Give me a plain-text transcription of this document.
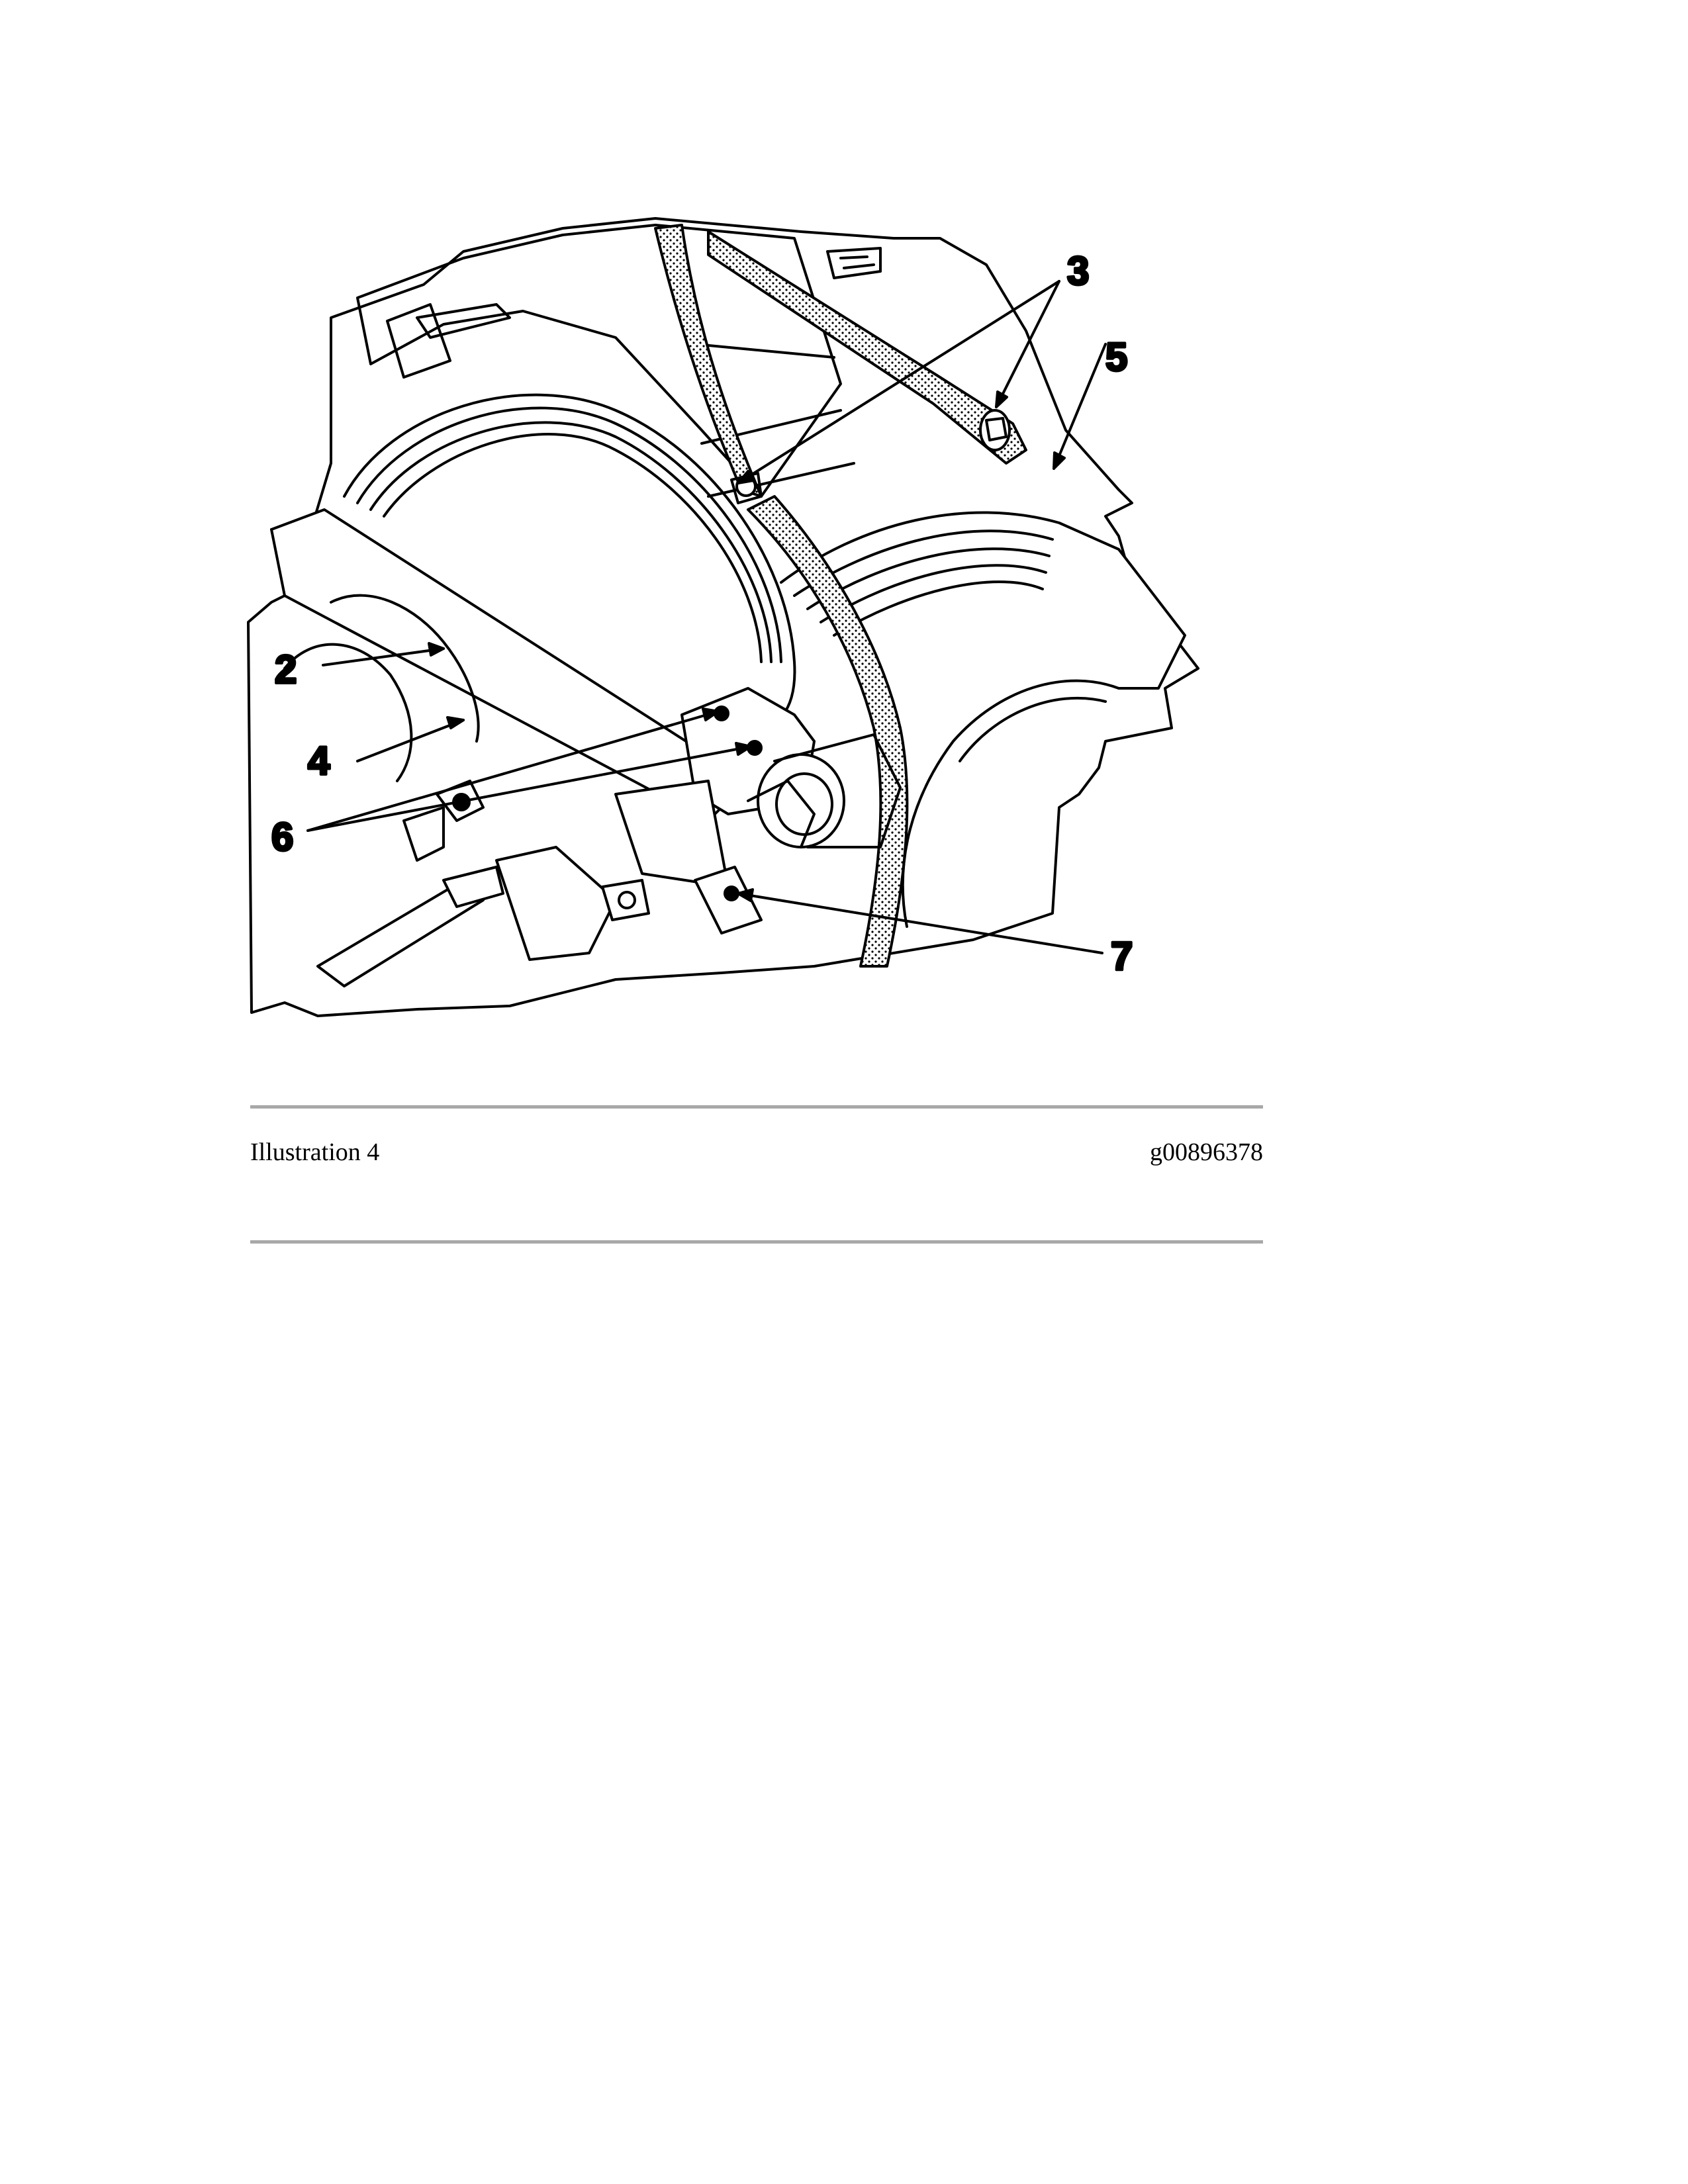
2
3
4
5
6
7
Illustration 4	g00896378
